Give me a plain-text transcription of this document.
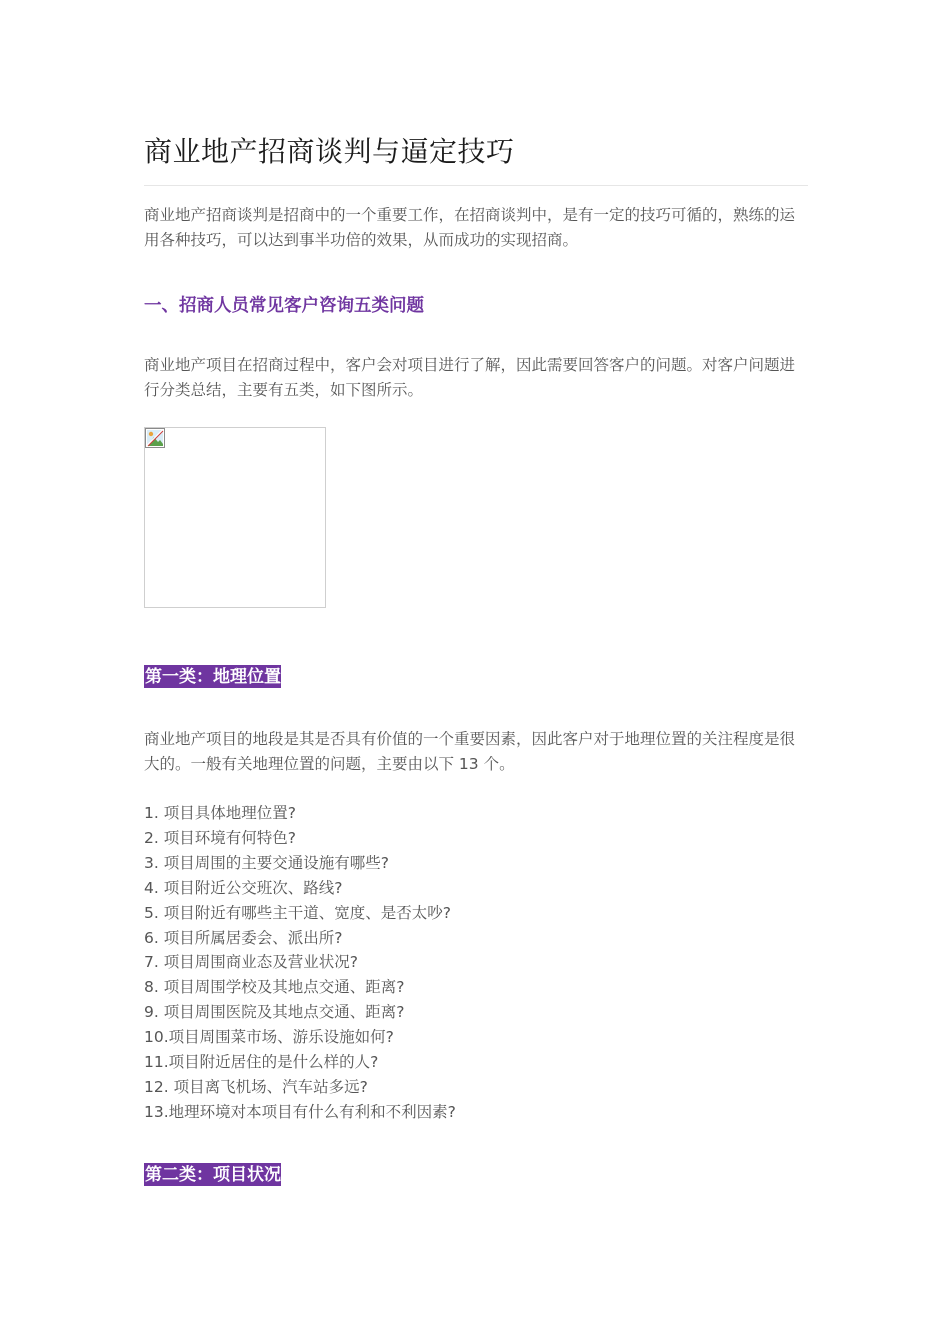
商业地产招商谈判与逼定技巧

商业地产招商谈判是招商中的一个重要工作，在招商谈判中，是有一定的技巧可循的，熟练的运用各种技巧，可以达到事半功倍的效果，从而成功的实现招商。

一、招商人员常见客户咨询五类问题

商业地产项目在招商过程中，客户会对项目进行了解，因此需要回答客户的问题。对客户问题进行分类总结，主要有五类，如下图所示。

第一类：地理位置

商业地产项目的地段是其是否具有价值的一个重要因素，因此客户对于地理位置的关注程度是很大的。一般有关地理位置的问题，主要由以下 13 个。

1. 项目具体地理位置?
2. 项目环境有何特色?
3. 项目周围的主要交通设施有哪些?
4. 项目附近公交班次、路线?
5. 项目附近有哪些主干道、宽度、是否太吵?
6. 项目所属居委会、派出所?
7. 项目周围商业态及营业状况?
8. 项目周围学校及其地点交通、距离?
9. 项目周围医院及其地点交通、距离?
10.项目周围菜市场、游乐设施如何?
11.项目附近居住的是什么样的人?
12. 项目离飞机场、汽车站多远?
13.地理环境对本项目有什么有利和不利因素?
第二类：项目状况
